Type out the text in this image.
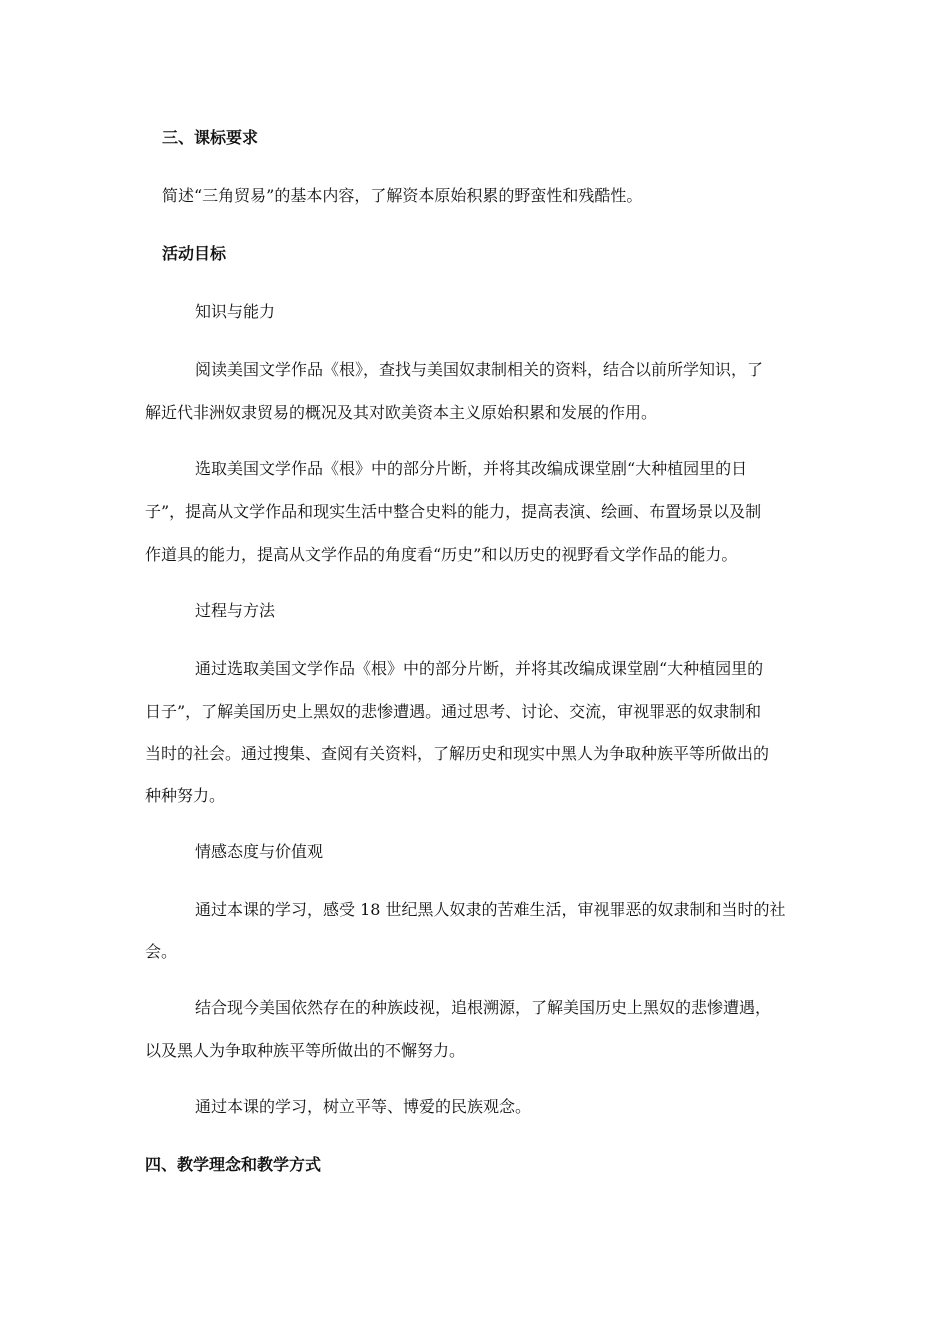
三、课标要求

简述“三角贸易”的基本内容，了解资本原始积累的野蛮性和残酷性。

活动目标

知识与能力

阅读美国文学作品《根》，查找与美国奴隶制相关的资料，结合以前所学知识，了

解近代非洲奴隶贸易的概况及其对欧美资本主义原始积累和发展的作用。

选取美国文学作品《根》中的部分片断，并将其改编成课堂剧“大种植园里的日

子”，提高从文学作品和现实生活中整合史料的能力，提高表演、绘画、布置场景以及制

作道具的能力，提高从文学作品的角度看“历史”和以历史的视野看文学作品的能力。

过程与方法

通过选取美国文学作品《根》中的部分片断，并将其改编成课堂剧“大种植园里的

日子”，了解美国历史上黑奴的悲惨遭遇。通过思考、讨论、交流，审视罪恶的奴隶制和

当时的社会。通过搜集、查阅有关资料，了解历史和现实中黑人为争取种族平等所做出的

种种努力。

情感态度与价值观

通过本课的学习，感受 18 世纪黑人奴隶的苦难生活，审视罪恶的奴隶制和当时的社

会。

结合现今美国依然存在的种族歧视，追根溯源，了解美国历史上黑奴的悲惨遭遇，

以及黑人为争取种族平等所做出的不懈努力。

通过本课的学习，树立平等、博爱的民族观念。

四、教学理念和教学方式
